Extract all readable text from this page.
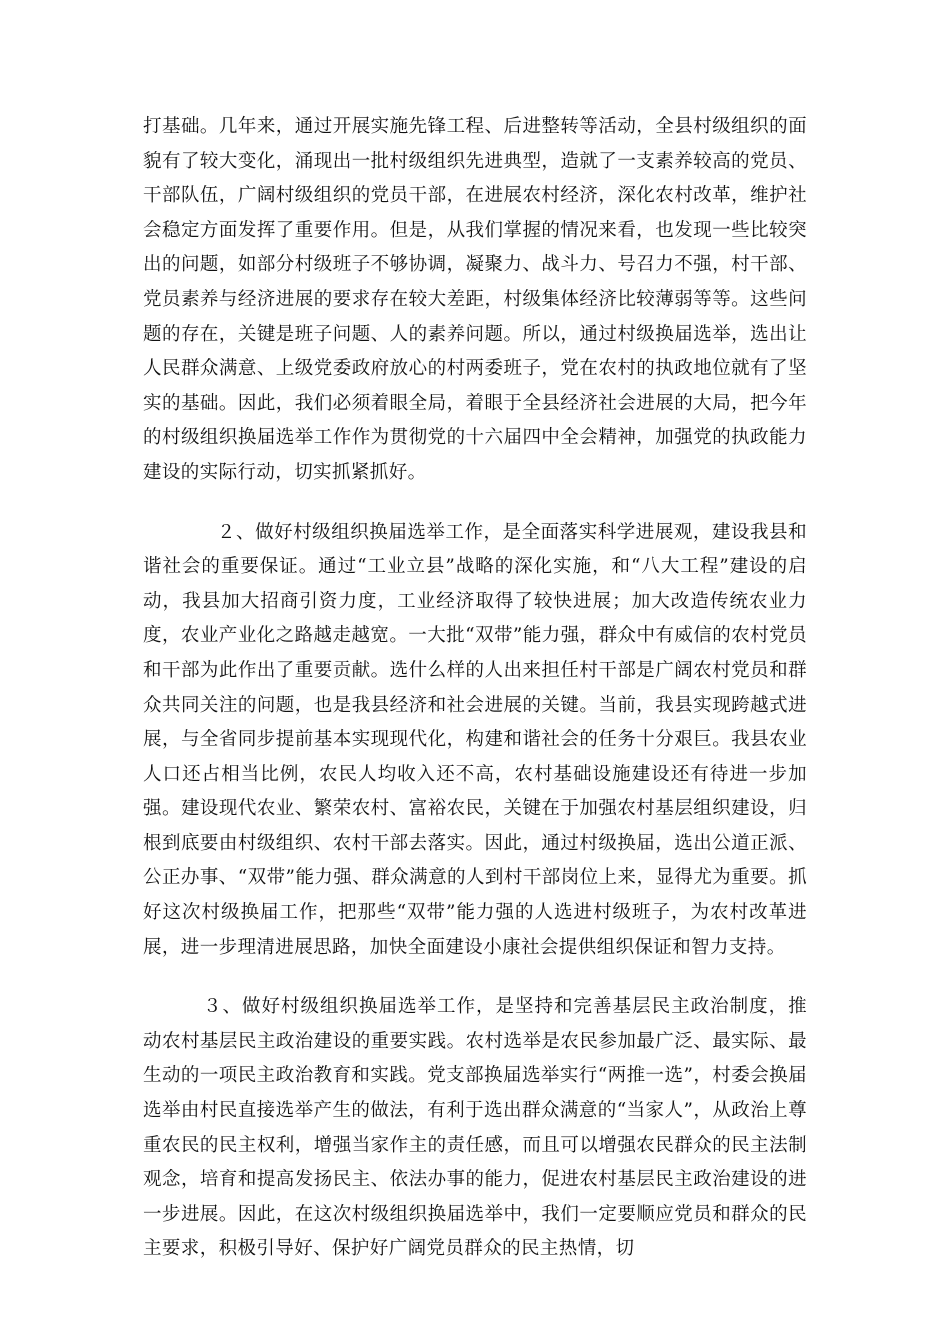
打基础。几年来，通过开展实施先锋工程、后进整转等活动，全县村级组织的面貌有了较大变化，涌现出一批村级组织先进典型，造就了一支素养较高的党员、干部队伍，广阔村级组织的党员干部，在进展农村经济，深化农村改革，维护社会稳定方面发挥了重要作用。但是，从我们掌握的情况来看，也发现一些比较突出的问题，如部分村级班子不够协调，凝聚力、战斗力、号召力不强，村干部、党员素养与经济进展的要求存在较大差距，村级集体经济比较薄弱等等。这些问题的存在，关键是班子问题、人的素养问题。所以，通过村级换届选举，选出让人民群众满意、上级党委政府放心的村两委班子，党在农村的执政地位就有了坚实的基础。因此，我们必须着眼全局，着眼于全县经济社会进展的大局，把今年的村级组织换届选举工作作为贯彻党的十六届四中全会精神，加强党的执政能力建设的实际行动，切实抓紧抓好。

２、做好村级组织换届选举工作，是全面落实科学进展观，建设我县和谐社会的重要保证。通过“工业立县”战略的深化实施，和“八大工程”建设的启动，我县加大招商引资力度，工业经济取得了较快进展；加大改造传统农业力度，农业产业化之路越走越宽。一大批“双带”能力强，群众中有威信的农村党员和干部为此作出了重要贡献。选什么样的人出来担任村干部是广阔农村党员和群众共同关注的问题，也是我县经济和社会进展的关键。当前，我县实现跨越式进展，与全省同步提前基本实现现代化，构建和谐社会的任务十分艰巨。我县农业人口还占相当比例，农民人均收入还不高，农村基础设施建设还有待进一步加强。建设现代农业、繁荣农村、富裕农民，关键在于加强农村基层组织建设，归根到底要由村级组织、农村干部去落实。因此，通过村级换届，选出公道正派、公正办事、“双带”能力强、群众满意的人到村干部岗位上来，显得尤为重要。抓好这次村级换届工作，把那些“双带”能力强的人选进村级班子，为农村改革进展，进一步理清进展思路，加快全面建设小康社会提供组织保证和智力支持。

３、做好村级组织换届选举工作，是坚持和完善基层民主政治制度，推动农村基层民主政治建设的重要实践。农村选举是农民参加最广泛、最实际、最生动的一项民主政治教育和实践。党支部换届选举实行“两推一选”，村委会换届选举由村民直接选举产生的做法，有利于选出群众满意的“当家人”，从政治上尊重农民的民主权利，增强当家作主的责任感，而且可以增强农民群众的民主法制观念，培育和提高发扬民主、依法办事的能力，促进农村基层民主政治建设的进一步进展。因此，在这次村级组织换届选举中，我们一定要顺应党员和群众的民主要求，积极引导好、保护好广阔党员群众的民主热情，切
